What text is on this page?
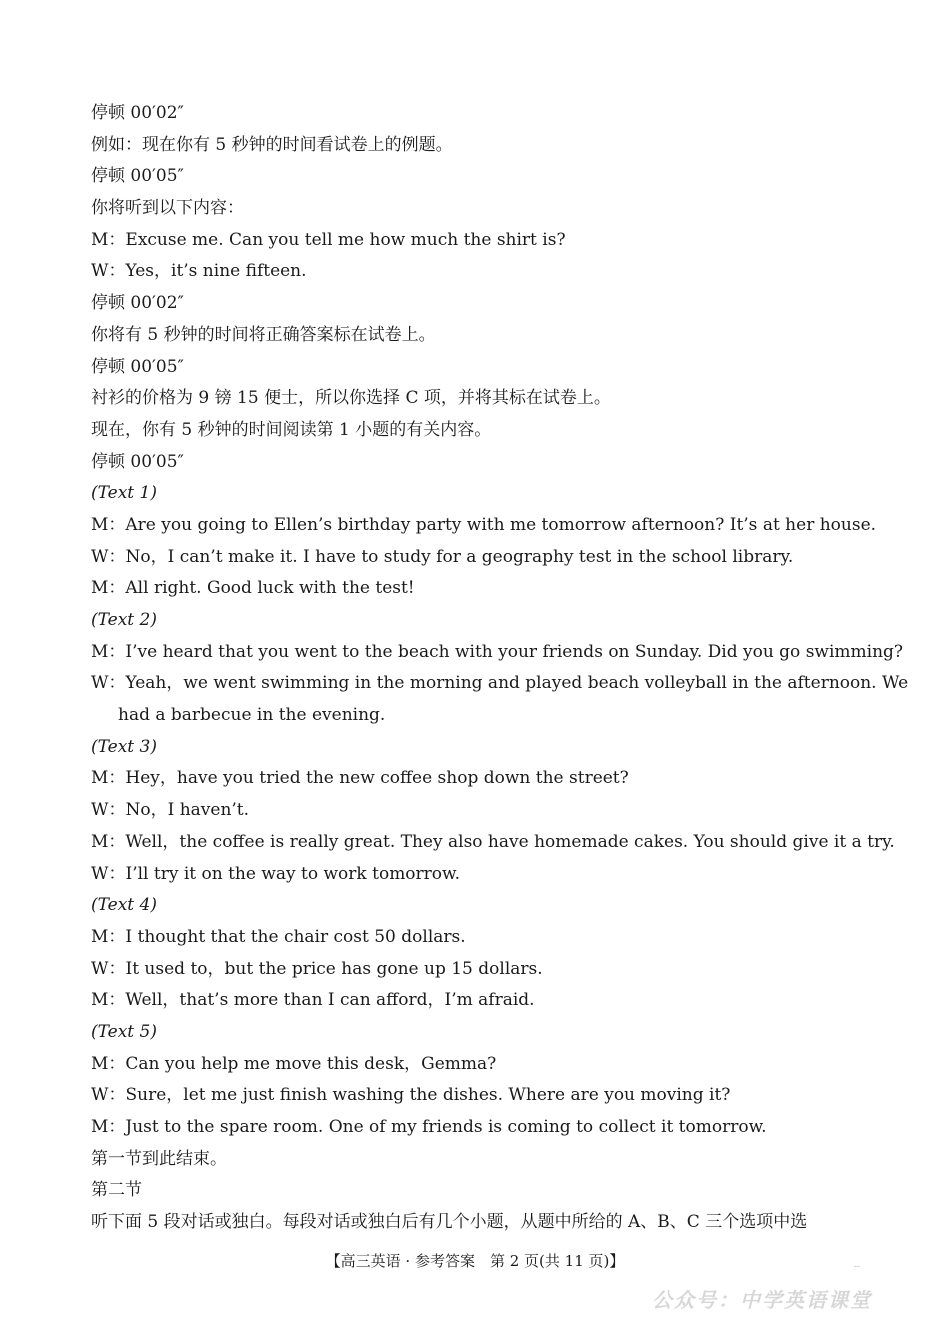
停顿 00′02″
例如：现在你有 5 秒钟的时间看试卷上的例题。
停顿 00′05″
你将听到以下内容：
M：Excuse me. Can you tell me how much the shirt is?
W：Yes，it’s nine fifteen.
停顿 00′02″
你将有 5 秒钟的时间将正确答案标在试卷上。
停顿 00′05″
衬衫的价格为 9 镑 15 便士，所以你选择 C 项，并将其标在试卷上。
现在，你有 5 秒钟的时间阅读第 1 小题的有关内容。
停顿 00′05″
(Text 1)
M：Are you going to Ellen’s birthday party with me tomorrow afternoon? It’s at her house.
W：No，I can’t make it. I have to study for a geography test in the school library.
M：All right. Good luck with the test!
(Text 2)
M：I’ve heard that you went to the beach with your friends on Sunday. Did you go swimming?
W：Yeah，we went swimming in the morning and played beach volleyball in the afternoon. We
had a barbecue in the evening.
(Text 3)
M：Hey，have you tried the new coffee shop down the street?
W：No，I haven’t.
M：Well，the coffee is really great. They also have homemade cakes. You should give it a try.
W：I’ll try it on the way to work tomorrow.
(Text 4)
M：I thought that the chair cost 50 dollars.
W：It used to，but the price has gone up 15 dollars.
M：Well，that’s more than I can afford，I’m afraid.
(Text 5)
M：Can you help me move this desk，Gemma?
W：Sure，let me just finish washing the dishes. Where are you moving it?
M：Just to the spare room. One of my friends is coming to collect it tomorrow.
第一节到此结束。
第二节
听下面 5 段对话或独白。每段对话或独白后有几个小题，从题中所给的 A、B、C 三个选项中选
--
【高三英语 · 参考答案　第 2 页(共 11 页)】
公众号：中学英语课堂
